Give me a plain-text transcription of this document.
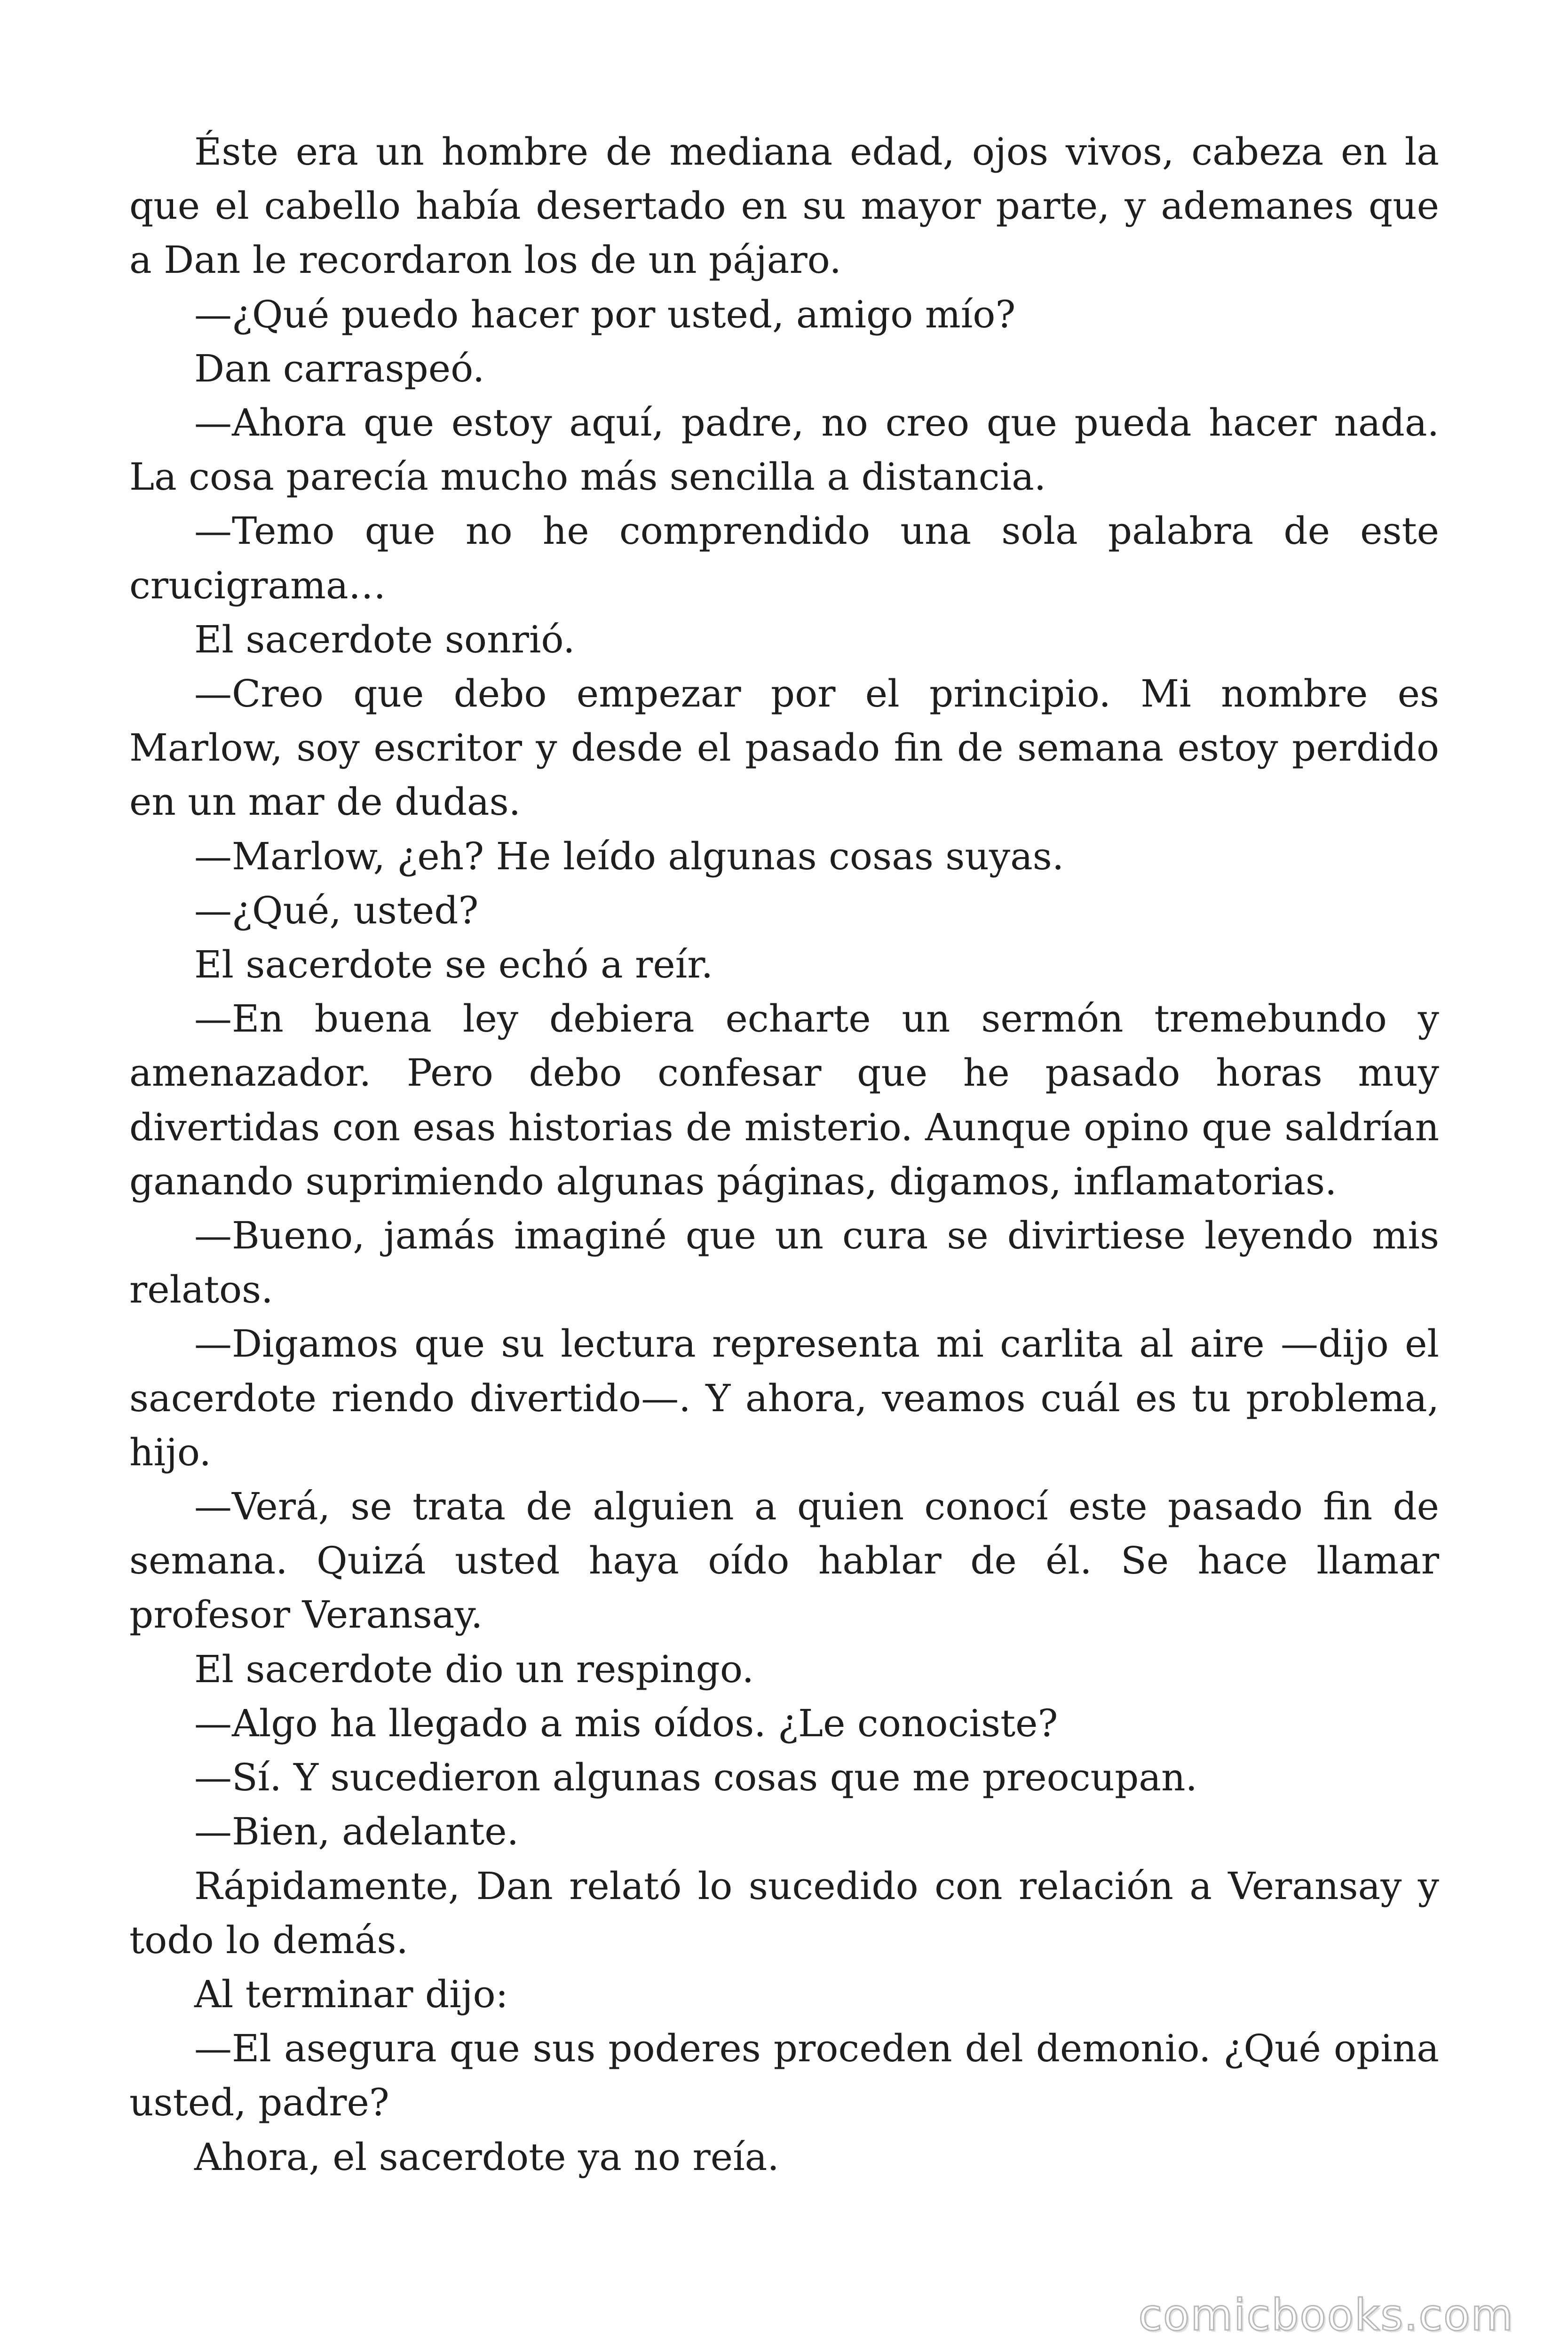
Éste era un hombre de mediana edad, ojos vivos, cabeza en la que el cabello había desertado en su mayor parte, y ademanes que a Dan le recordaron los de un pájaro.

—¿Qué puedo hacer por usted, amigo mío?

Dan carraspeó.

—Ahora que estoy aquí, padre, no creo que pueda hacer nada. La cosa parecía mucho más sencilla a distancia.

—Temo que no he comprendido una sola palabra de este crucigrama…

El sacerdote sonrió.

—Creo que debo empezar por el principio. Mi nombre es Marlow, soy escritor y desde el pasado fin de semana estoy perdido en un mar de dudas.

—Marlow, ¿eh? He leído algunas cosas suyas.

—¿Qué, usted?

El sacerdote se echó a reír.

—En buena ley debiera echarte un sermón tremebundo y amenazador. Pero debo confesar que he pasado horas muy divertidas con esas historias de misterio. Aunque opino que saldrían ganando suprimiendo algunas páginas, digamos, inflamatorias.

—Bueno, jamás imaginé que un cura se divirtiese leyendo mis relatos.

—Digamos que su lectura representa mi carlita al aire —dijo el sacerdote riendo divertido—. Y ahora, veamos cuál es tu problema, hijo.

—Verá, se trata de alguien a quien conocí este pasado fin de semana. Quizá usted haya oído hablar de él. Se hace llamar profesor Veransay.

El sacerdote dio un respingo.

—Algo ha llegado a mis oídos. ¿Le conociste?

—Sí. Y sucedieron algunas cosas que me preocupan.

—Bien, adelante.

Rápidamente, Dan relató lo sucedido con relación a Veransay y todo lo demás.

Al terminar dijo:

—El asegura que sus poderes proceden del demonio. ¿Qué opina usted, padre?

Ahora, el sacerdote ya no reía.

comicbooks.com
